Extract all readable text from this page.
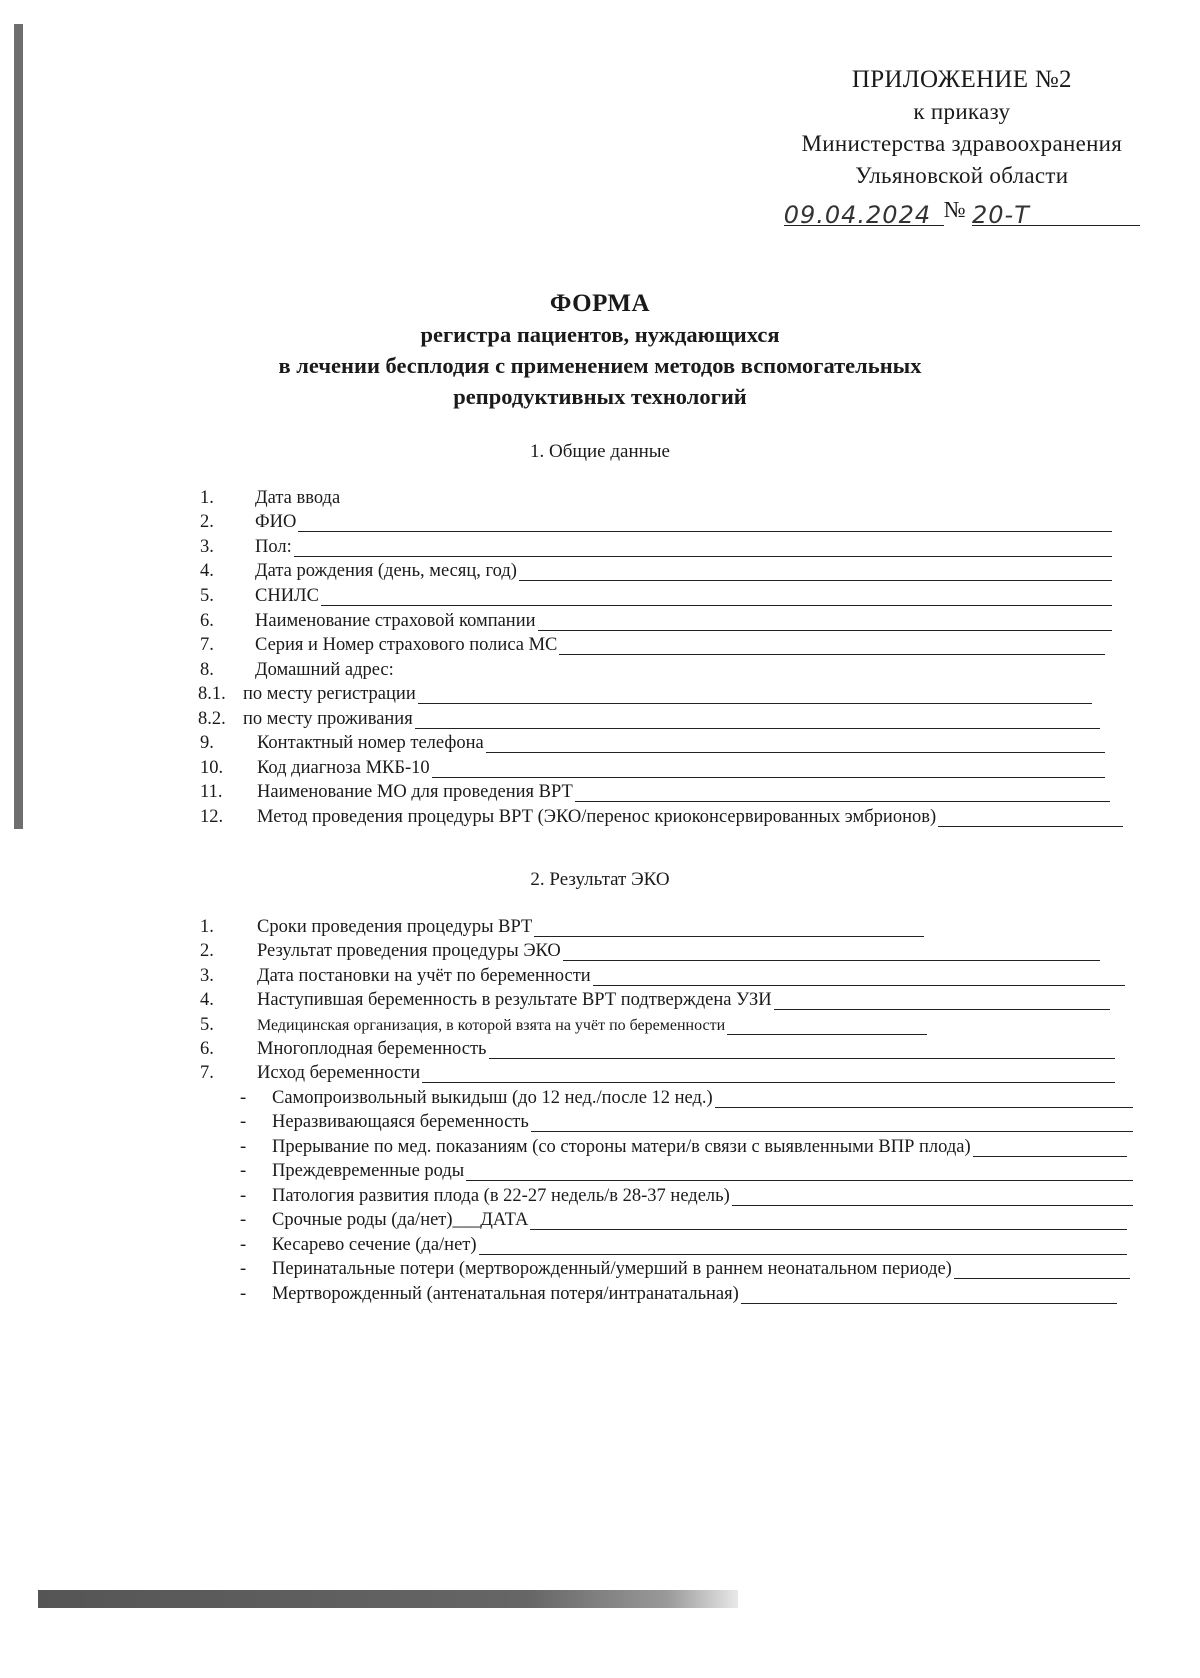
ПРИЛОЖЕНИЕ №2
к приказу
Министерства здравоохранения
Ульяновской области
09.04.2024 № 20-Т
ФОРМА
регистра пациентов, нуждающихся
в лечении бесплодия с применением методов вспомогательных
репродуктивных технологий
1. Общие данные
1.	Дата ввода
2.	ФИО
3.	Пол:
4.	Дата рождения (день, месяц, год)
5.	СНИЛС
6.	Наименование страховой компании
7.	Серия и Номер страхового полиса МС
8.	Домашний адрес:
8.1. по месту регистрации
8.2. по месту проживания
9.	Контактный номер телефона
10.	Код диагноза МКБ-10
11.	Наименование МО для проведения ВРТ
12.	Метод проведения процедуры ВРТ (ЭКО/перенос криоконсервированных эмбрионов)
2. Результат ЭКО
1.	Сроки проведения процедуры ВРТ
2.	Результат проведения процедуры ЭКО
3.	Дата постановки на учёт по беременности
4.	Наступившая беременность в результате ВРТ подтверждена УЗИ
5.	Медицинская организация, в которой взята на учёт по беременности
6.	Многоплодная беременность
7.	Исход беременности
-	Самопроизвольный выкидыш (до 12 нед./после 12 нед.)
-	Неразвивающаяся беременность
-	Прерывание по мед. показаниям (со стороны матери/в связи с выявленными ВПР плода)
-	Преждевременные роды
-	Патология развития плода (в 22-27 недель/в 28-37 недель)
-	Срочные роды (да/нет)___ДАТА
-	Кесарево сечение (да/нет)
-	Перинатальные потери (мертворожденный/умерший в раннем неонатальном периоде)
-	Мертворожденный (антенатальная потеря/интранатальная)
